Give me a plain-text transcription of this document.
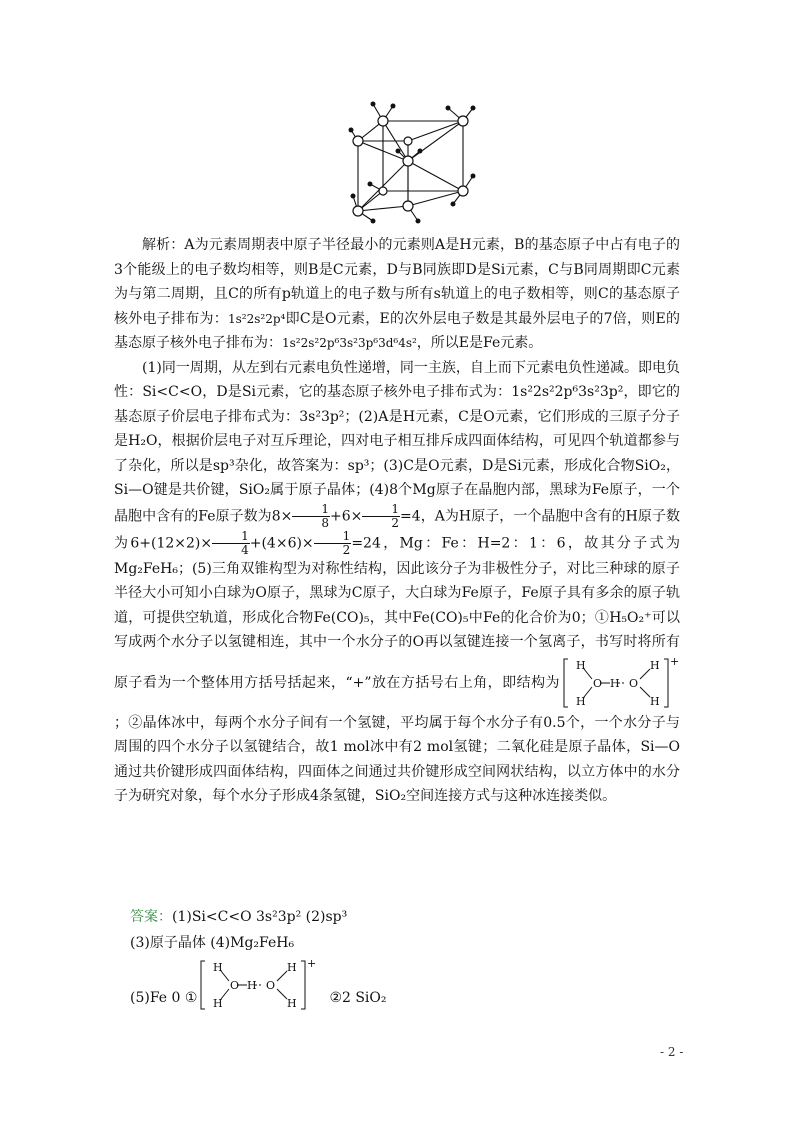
解析：A为元素周期表中原子半径最小的元素则A是H元素，B的基态原子中占有电子的3个能级上的电子数均相等，则B是C元素，D与B同族即D是Si元素，C与B同周期即C元素为与第二周期，且C的所有p轨道上的电子数与所有s轨道上的电子数相等，则C的基态原子核外电子排布为：1s²2s²2p⁴即C是O元素，E的次外层电子数是其最外层电子的7倍，则E的基态原子核外电子排布为：1s²2s²2p⁶3s²3p⁶3d⁶4s²，所以E是Fe元素。

(1)同一周期，从左到右元素电负性递增，同一主族，自上而下元素电负性递减。即电负性：Si<C<O，D是Si元素，它的基态原子核外电子排布式为：1s²2s²2p⁶3s²3p²，即它的基态原子价层电子排布式为：3s²3p²；(2)A是H元素，C是O元素，它们形成的三原子分子是H₂O，根据价层电子对互斥理论，四对电子相互排斥成四面体结构，可见四个轨道都参与了杂化，所以是sp³杂化，故答案为：sp³；(3)C是O元素，D是Si元素，形成化合物SiO₂，Si—O键是共价键，SiO₂属于原子晶体；(4)8个Mg原子在晶胞内部，黑球为Fe原子，一个晶胞中含有的Fe原子数为$8\times \frac{1}{8} +6\times \frac{1}{2} =4$，A为H原子，一个晶胞中含有的H原子数为$6+(12\times 2)\times \frac{1}{4} +(4\times 6)\times \frac{1}{2} =24$，Mg：Fe：H=2：1：6，故其分子式为Mg₂FeH₆；(5)三角双锥构型为对称性结构，因此该分子为非极性分子，对比三种球的原子半径大小可知小白球为O原子，黑球为C原子，大白球为Fe原子，Fe原子具有多余的原子轨道，可提供空轨道，形成化合物Fe(CO)₅，其中Fe(CO)₅中Fe的化合价为0；①H₅O₂⁺可以写成两个水分子以氢键相连，其中一个水分子的O再以氢键连接一个氢离子，书写时将所有原子看为一个整体用方括号括起来，“+”放在方括号右上角，即结构为
H
H
O H O
H
H
+
；②晶体冰中，每两个水分子间有一个氢键，平均属于每个水分子有0.5个，一个水分子与周围的四个水分子以氢键结合，故1 mol冰中有2 mol氢键；二氧化硅是原子晶体，Si—O通过共价键形成四面体结构，四面体之间通过共价键形成空间网状结构，以立方体中的水分子为研究对象，每个水分子形成4条氢键，SiO₂空间连接方式与这种冰连接类似。

答案：(1)Si<C<O 3s²3p² (2)sp³
(3)原子晶体 (4)Mg₂FeH₆
(5)Fe 0 ①
H
H
O H O
H
H
+
②2 SiO₂
- 2 -
